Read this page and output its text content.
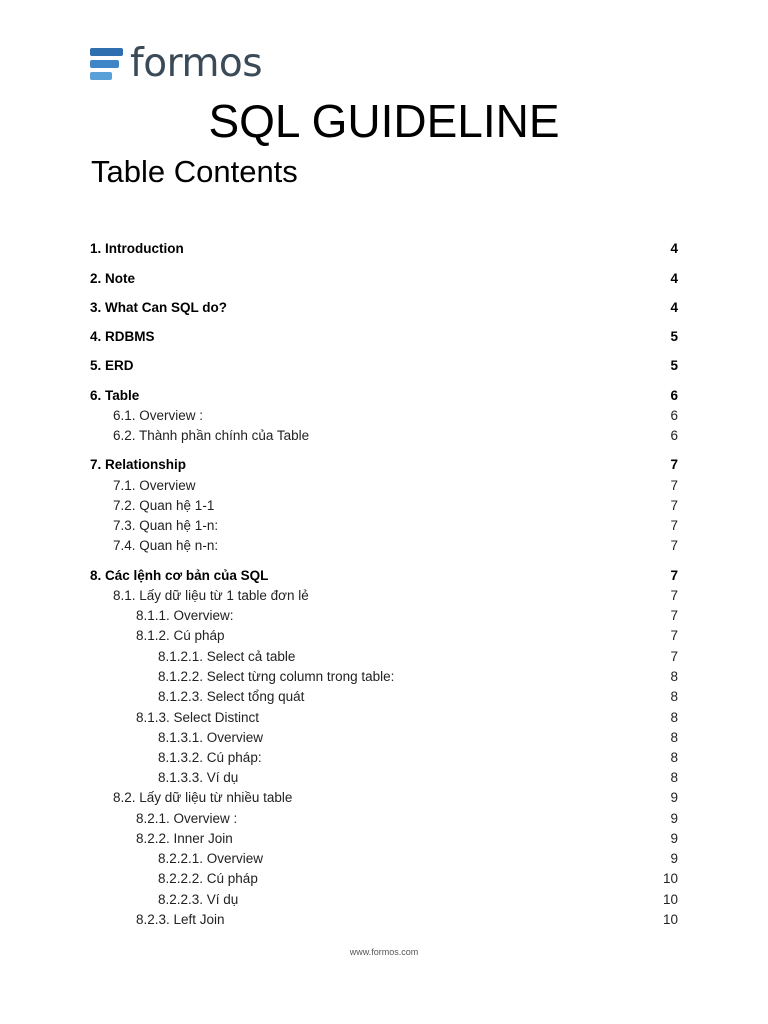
formos
SQL GUIDELINE
Table Contents
1. Introduction	4
2. Note	4
3. What Can SQL do?	4
4. RDBMS	5
5. ERD	5
6. Table	6
6.1. Overview :	6
6.2. Thành phần chính của Table	6
7. Relationship	7
7.1. Overview	7
7.2. Quan hệ 1-1	7
7.3. Quan hệ 1-n:	7
7.4. Quan hệ n-n:	7
8. Các lệnh cơ bản của SQL	7
8.1. Lấy dữ liệu từ 1 table đơn lẻ	7
8.1.1. Overview:	7
8.1.2. Cú pháp	7
8.1.2.1. Select cả table	7
8.1.2.2. Select từng column trong table:	8
8.1.2.3. Select tổng quát	8
8.1.3. Select Distinct	8
8.1.3.1. Overview	8
8.1.3.2. Cú pháp:	8
8.1.3.3. Ví dụ	8
8.2. Lấy dữ liệu từ nhiều table	9
8.2.1. Overview :	9
8.2.2. Inner Join	9
8.2.2.1. Overview	9
8.2.2.2. Cú pháp	10
8.2.2.3. Ví dụ	10
8.2.3. Left Join	10
www.formos.com
